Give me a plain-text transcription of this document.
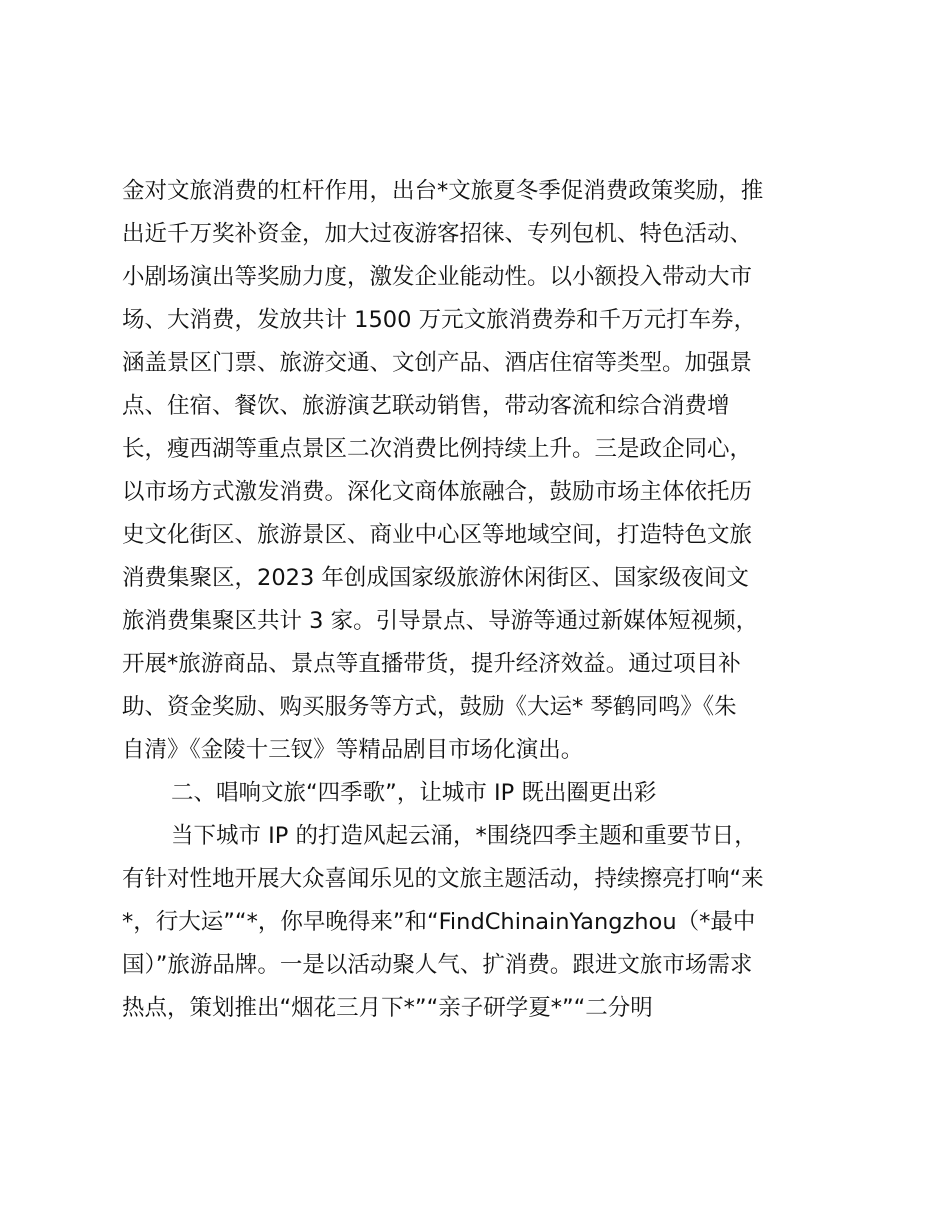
金对文旅消费的杠杆作用，出台*文旅夏冬季促消费政策奖励，推
出近千万奖补资金，加大过夜游客招徕、专列包机、特色活动、
小剧场演出等奖励力度，激发企业能动性。以小额投入带动大市
场、大消费，发放共计 1500 万元文旅消费券和千万元打车券，
涵盖景区门票、旅游交通、文创产品、酒店住宿等类型。加强景
点、住宿、餐饮、旅游演艺联动销售，带动客流和综合消费增
长，瘦西湖等重点景区二次消费比例持续上升。三是政企同心，
以市场方式激发消费。深化文商体旅融合，鼓励市场主体依托历
史文化街区、旅游景区、商业中心区等地域空间，打造特色文旅
消费集聚区，2023 年创成国家级旅游休闲街区、国家级夜间文
旅消费集聚区共计 3 家。引导景点、导游等通过新媒体短视频，
开展*旅游商品、景点等直播带货，提升经济效益。通过项目补
助、资金奖励、购买服务等方式，鼓励《大运* 琴鹤同鸣》《朱
自清》《金陵十三钗》等精品剧目市场化演出。
二、唱响文旅“四季歌”，让城市 IP 既出圈更出彩
当下城市 IP 的打造风起云涌，*围绕四季主题和重要节日，
有针对性地开展大众喜闻乐见的文旅主题活动，持续擦亮打响“来
*，行大运”“*，你早晚得来”和“FindChinainYangzhou（*最中
国）”旅游品牌。一是以活动聚人气、扩消费。跟进文旅市场需求
热点，策划推出“烟花三月下*”“亲子研学夏*”“二分明
